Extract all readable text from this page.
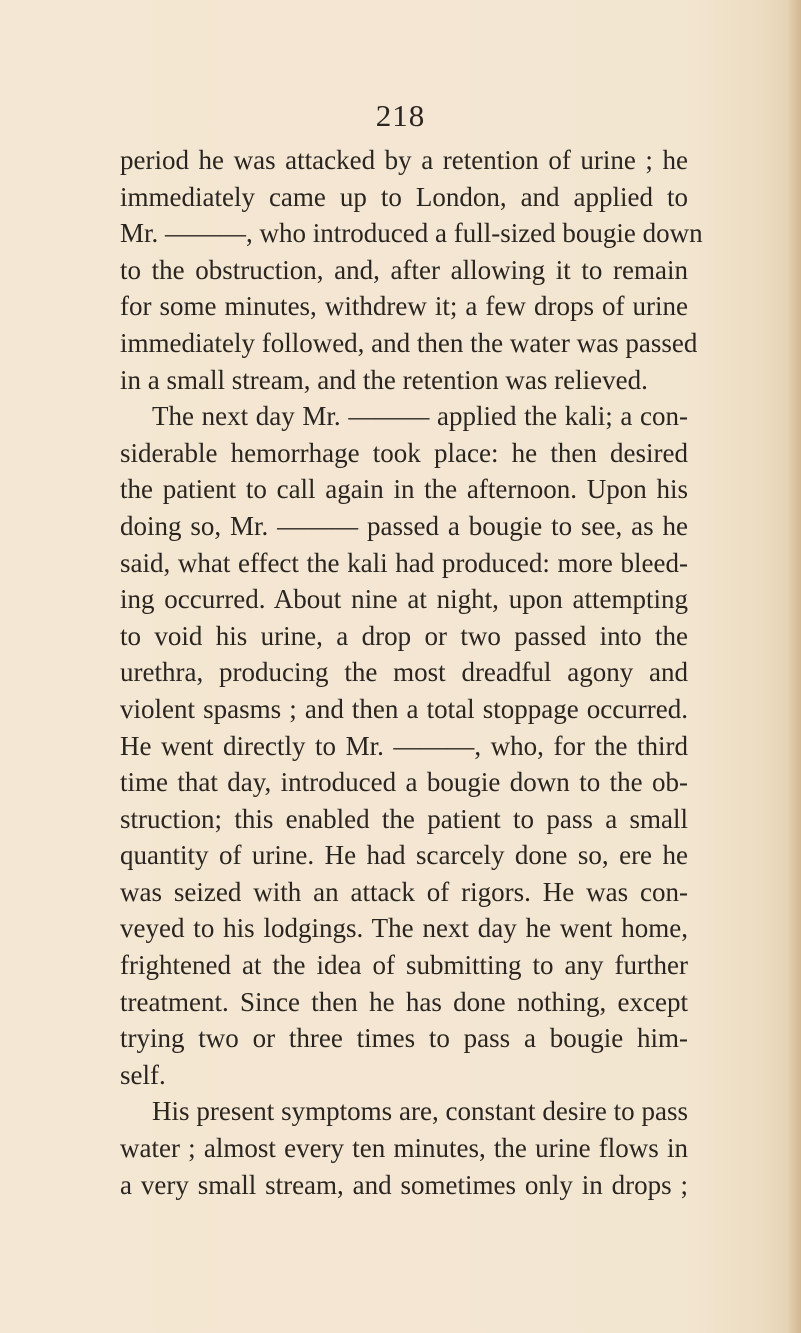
218
period he was attacked by a retention of urine ; he
immediately came up to London, and applied to
Mr. ———, who introduced a full-sized bougie down
to the obstruction, and, after allowing it to remain
for some minutes, withdrew it; a few drops of urine
immediately followed, and then the water was passed
in a small stream, and the retention was relieved.
The next day Mr. ——— applied the kali; a con-
siderable hemorrhage took place: he then desired
the patient to call again in the afternoon. Upon his
doing so, Mr. ——— passed a bougie to see, as he
said, what effect the kali had produced: more bleed-
ing occurred. About nine at night, upon attempting
to void his urine, a drop or two passed into the
urethra, producing the most dreadful agony and
violent spasms ; and then a total stoppage occurred.
He went directly to Mr. ———, who, for the third
time that day, introduced a bougie down to the ob-
struction; this enabled the patient to pass a small
quantity of urine. He had scarcely done so, ere he
was seized with an attack of rigors. He was con-
veyed to his lodgings. The next day he went home,
frightened at the idea of submitting to any further
treatment. Since then he has done nothing, except
trying two or three times to pass a bougie him-
self.
His present symptoms are, constant desire to pass
water ; almost every ten minutes, the urine flows in
a very small stream, and sometimes only in drops ;
